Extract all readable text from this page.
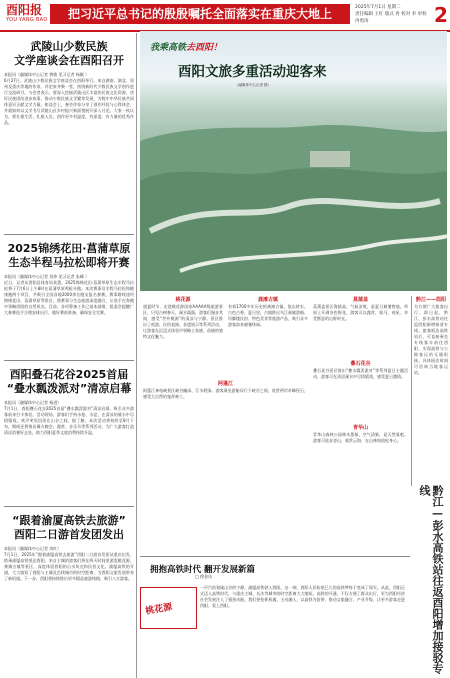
酉阳报
YOU YANG BAO	把习近平总书记的殷殷嘱托全面落实在重庆大地上	2025年7月1日 星期二
责任编辑 王红 版式 冉 校对 李 审校 冉勇涛	2
武陵山少数民族
文学座谈会在酉阳召开
本报讯（融媒体中心记者 曾敏 见习记者 杨颖 ）
6月27日，武陵山少数民族文学座谈会在酉阳举行。来自湖南、湖北、贵州及重庆等地的作家、评论家齐聚一堂，围绕新时代少数民族文学创作进行交流研讨。与会者表示，要深入挖掘武陵山区丰富的民族文化资源，讲好民族团结进步故事，推动少数民族文学繁荣发展，为铸牢中华民族共同体意识贡献文学力量。座谈会上，参会作家分享了创作经验与心得体会，并就如何以文学书写武陵山区乡村振兴新面貌展开深入讨论。大家一致认为，要扎根生活、扎根人民，创作更多有温度、有深度、有力量的优秀作品。
2025锦绣花田·菖蒲草原
生态半程马拉松即将开赛
本报讯（融媒体中心记者 刘炜 见习记者 朱峰 ）
近日，记者从酉阳县体育局获悉，2025锦绣花田·菖蒲草原生态半程马拉松将于7月6日上午8时在菖蒲草原鸣枪开跑。本次赛事设半程马拉松和健康跑两个项目，共吸引全国各地2000余名跑友报名参赛。赛事路线途经锦绣花田、菖蒲草原等景区，将赛事与生态旅游深度融合，让选手在奔跑中领略酉阳的自然风光。目前，各项筹备工作已基本就绪，组委会提醒广大参赛选手合理安排出行，做好赛前准备，确保安全完赛。
酉阳叠石花谷2025首届
“叠水瓢泼派对”清凉启幕
本报讯（融媒体中心记者 杨进）
7月1日，酉阳叠石花谷2025首届“叠水瓢泼派对”清凉启幕，吸引众多游客前来打卡体验。活动现场，游客们手持水枪、水盆，在清凉的溪水中尽情嬉戏，欢声笑语回荡在山谷之间。据了解，本次活动将持续至8月下旬，期间还将推出篝火晚会、露营、音乐节等系列活动，为广大游客打造清凉消暑好去处，助力酉阳夏季文旅消费持续升温。
“跟着渝厦高铁去旅游”
酉阳二日游首发团发出
本报讯（融媒体中心记者 冉红）
7月1日，2025年“跟着渝厦高铁去旅游”酉阳二日游首发团从重庆出发，搭乘渝厦高铁抵达酉阳。来自主城的游客们将在两天时间里游览桃花源、龚滩古镇等景区，深度体验酉阳的山水风光和民俗文化。渝厦高铁的开通，大大缩短了酉阳与主城及沿线城市的时空距离，为酉阳文旅发展带来了新机遇。下一步，酉阳将持续推出更多精品旅游线路，吸引八方游客。
我乘高铁去酉阳！
酉阳文旅多重活动迎客来
（融媒体中心记者 摄）
桃花源
盛夏时节，走进桃花源国家AAAAA级旅游景区，只见古树参天、溪水潺潺，游客们漫步其间，感受“世外桃源”的清凉与宁静。景区推出了夜游、民俗表演、非遗展示等系列活动，让游客在沉浸式体验中领略土家族、苗族的独特文化魅力。
龚滩古镇
有着1700多年历史的龚滩古镇，依山傍水、古色古香。夏日里，古镇推出乌江画廊游船、吊脚楼民宿、特色美食等旅游产品，吸引众多游客前来避暑休闲。
阿蓬江
阿蓬江神龟峡景区峡谷幽深、江水碧绿。游客乘坐游船穿行于峡谷之间，欣赏两岸奇峰怪石，感受大自然的鬼斧神工。
菖蒲盖
菖蒲盖景区海拔高、气候凉爽，是夏日避暑胜地。草原上开满各色野花，游客可以露营、骑马、观星，享受惬意的山野时光。
叠石花谷
叠石花谷景区推出“叠水瓢泼派对”等系列夏日主题活动，游客可在清凉溪水中尽情嬉戏，感受夏日激情。
青华山
青华山森林公园林木葱郁、空气清新，是天然氧吧。游客可徒步登山、观赏云海，在山林间放松身心。
黔江——酉阳
为方便广大旅客出行，即日起，黔江、彭水高铁站往返酉阳新增接驳专线。旅客抵达高铁站后，可直接乘坐专线客车前往酉阳，实现高铁与公路客运的无缝衔接。具体班次时间可咨询当地客运站。
黔江—彭水高铁站往返酉阳增加接驳专线
拥抱高铁时代 翻开发展新篇
□ 徐金凤
桃花源
一声汽笛划破山谷的宁静，渝厦高铁驶入酉阳。这一刻，酉阳人民盼望已久的高铁梦终于变成了现实。从此，酉阳正式迈入高铁时代，与重庆主城、长沙等城市的时空距离大大缩短。高铁的开通，不仅方便了群众出行，更为酉阳经济社会发展注入了强劲动能。我们要抢抓机遇，主动融入，以高铁为纽带，推动文旅融合、产业升级，让更多游客走进酉阳、爱上酉阳。
